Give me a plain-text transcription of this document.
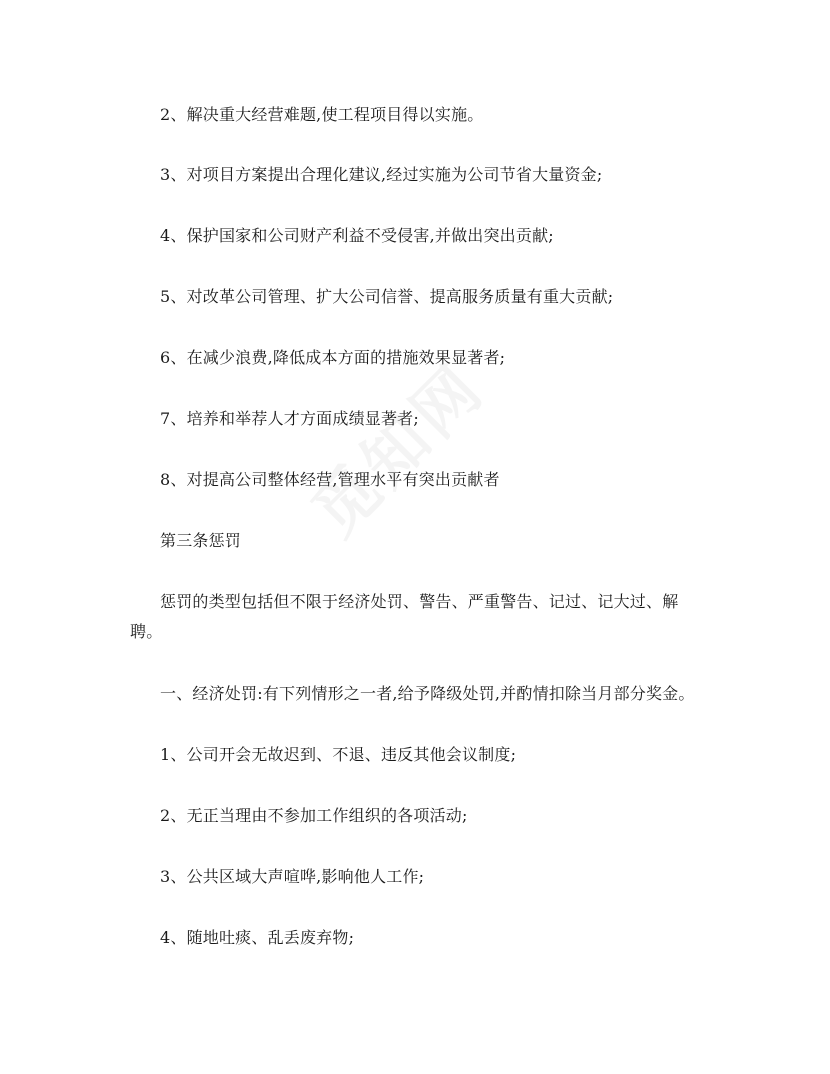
2、解决重大经营难题,使工程项目得以实施。
3、对项目方案提出合理化建议,经过实施为公司节省大量资金;
4、保护国家和公司财产利益不受侵害,并做出突出贡献;
5、对改革公司管理、扩大公司信誉、提高服务质量有重大贡献;
6、在减少浪费,降低成本方面的措施效果显著者;
7、培养和举荐人才方面成绩显著者;
8、对提高公司整体经营,管理水平有突出贡献者
第三条惩罚
惩罚的类型包括但不限于经济处罚、警告、严重警告、记过、记大过、解
聘。
一、经济处罚:有下列情形之一者,给予降级处罚,并酌情扣除当月部分奖金。
1、公司开会无故迟到、不退、违反其他会议制度;
2、无正当理由不参加工作组织的各项活动;
3、公共区域大声喧哗,影响他人工作;
4、随地吐痰、乱丢废弃物;
